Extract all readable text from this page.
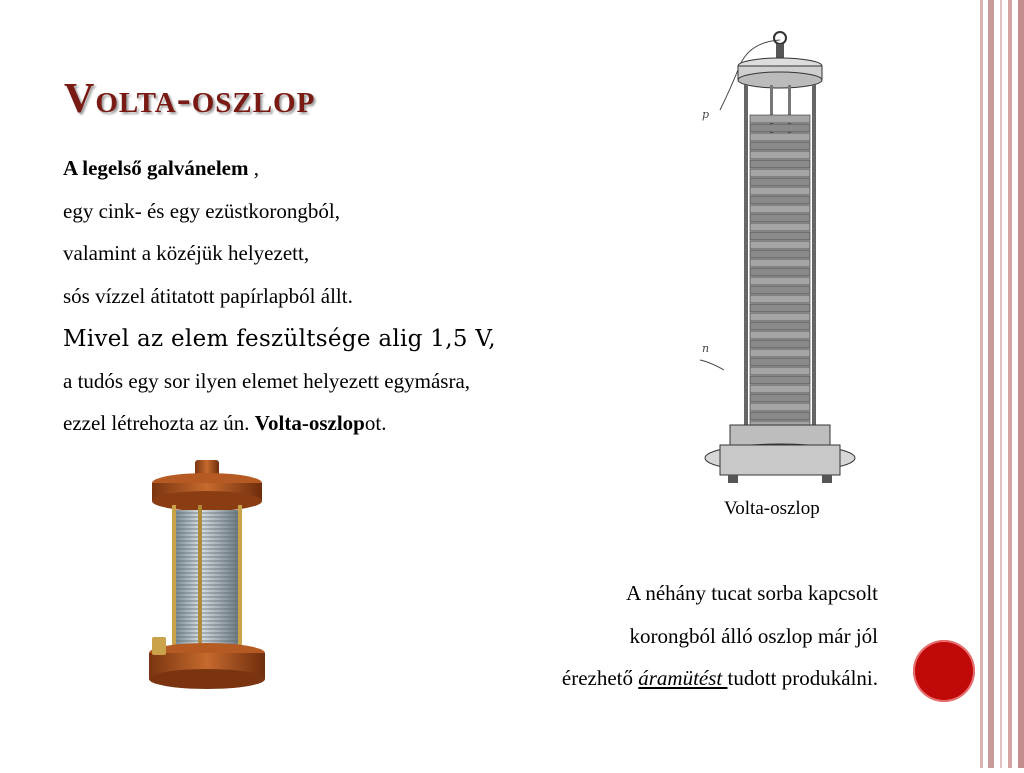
Volta-oszlop
A legelső galvánelem ,
egy cink- és egy ezüstkorongból,
valamint a közéjük helyezett,
sós vízzel átitatott papírlapból állt.
Mivel az elem feszültsége alig 1,5 V,
a tudós egy sor ilyen elemet helyezett egymásra,
ezzel létrehozta az ún. Volta-oszlopot.
p
n
Volta-oszlop
A néhány tucat sorba kapcsolt
korongból álló oszlop már jól
érezhető áramütést tudott produkálni.
